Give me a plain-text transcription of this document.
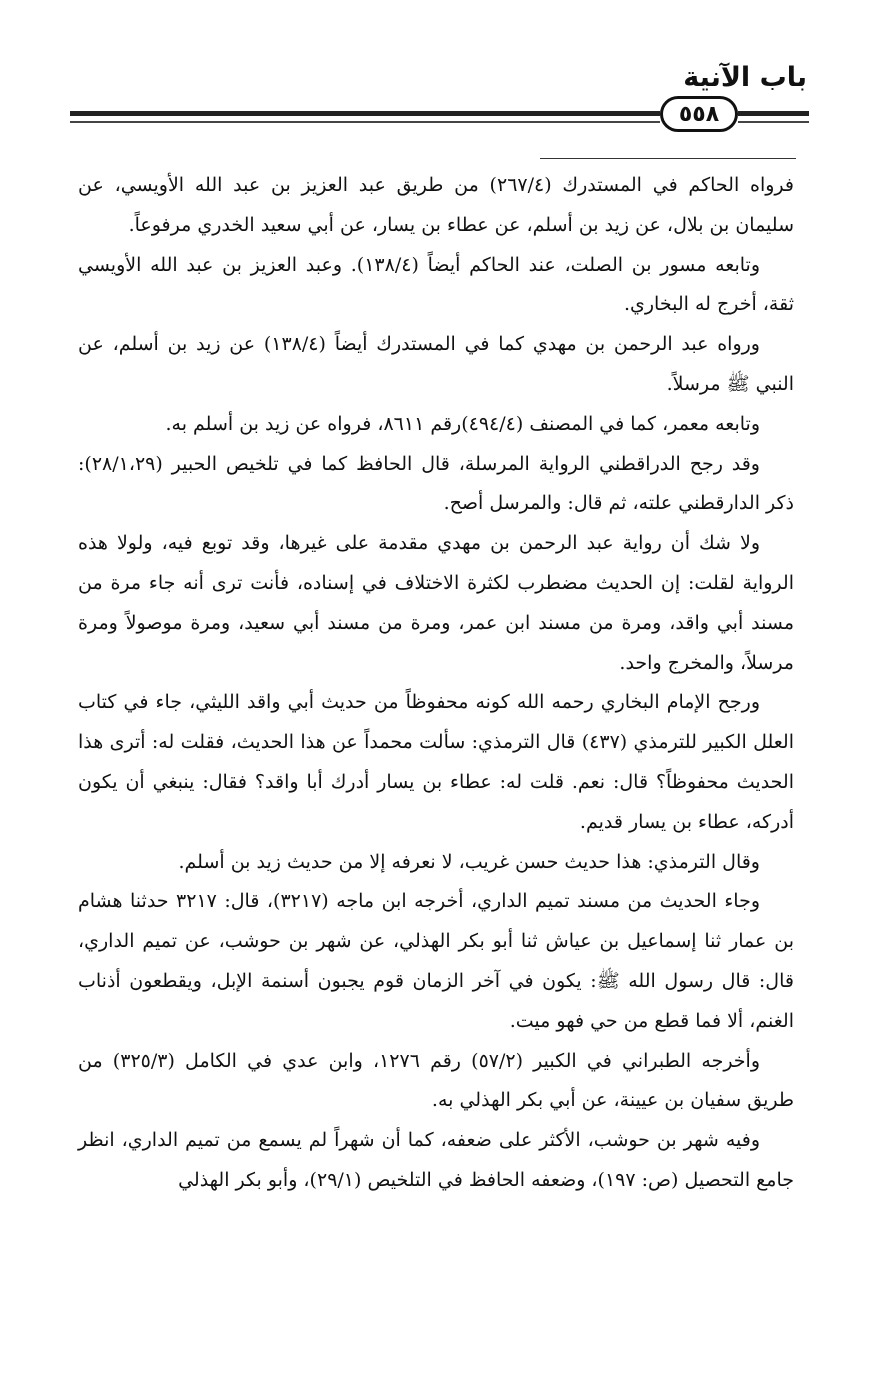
باب الآنية
٥٥٨

فرواه الحاكم في المستدرك (٢٦٧/٤) من طريق عبد العزيز بن عبد الله الأويسي، عن سليمان بن بلال، عن زيد بن أسلم، عن عطاء بن يسار، عن أبي سعيد الخدري مرفوعاً.

وتابعه مسور بن الصلت، عند الحاكم أيضاً (١٣٨/٤). وعبد العزيز بن عبد الله الأويسي ثقة، أخرج له البخاري.

ورواه عبد الرحمن بن مهدي كما في المستدرك أيضاً (١٣٨/٤) عن زيد بن أسلم، عن النبي ﷺ مرسلاً.

وتابعه معمر، كما في المصنف (٤٩٤/٤)رقم ٨٦١١، فرواه عن زيد بن أسلم به.

وقد رجح الدراقطني الرواية المرسلة، قال الحافظ كما في تلخيص الحبير (٢٨/١،٢٩): ذكر الدارقطني علته، ثم قال: والمرسل أصح.

ولا شك أن رواية عبد الرحمن بن مهدي مقدمة على غيرها، وقد توبع فيه، ولولا هذه الرواية لقلت: إن الحديث مضطرب لكثرة الاختلاف في إسناده، فأنت ترى أنه جاء مرة من مسند أبي واقد، ومرة من مسند ابن عمر، ومرة من مسند أبي سعيد، ومرة موصولاً ومرة مرسلاً، والمخرج واحد.

ورجح الإمام البخاري رحمه الله كونه محفوظاً من حديث أبي واقد الليثي، جاء في كتاب العلل الكبير للترمذي (٤٣٧) قال الترمذي: سألت محمداً عن هذا الحديث، فقلت له: أترى هذا الحديث محفوظاً؟ قال: نعم. قلت له: عطاء بن يسار أدرك أبا واقد؟ فقال: ينبغي أن يكون أدركه، عطاء بن يسار قديم.

وقال الترمذي: هذا حديث حسن غريب، لا نعرفه إلا من حديث زيد بن أسلم.

وجاء الحديث من مسند تميم الداري، أخرجه ابن ماجه (٣٢١٧)، قال: ٣٢١٧ حدثنا هشام بن عمار ثنا إسماعيل بن عياش ثنا أبو بكر الهذلي، عن شهر بن حوشب، عن تميم الداري، قال: قال رسول الله ﷺ: يكون في آخر الزمان قوم يجبون أسنمة الإبل، ويقطعون أذناب الغنم، ألا فما قطع من حي فهو ميت.

وأخرجه الطبراني في الكبير (٥٧/٢) رقم ١٢٧٦، وابن عدي في الكامل (٣٢٥/٣) من طريق سفيان بن عيينة، عن أبي بكر الهذلي به.

وفيه شهر بن حوشب، الأكثر على ضعفه، كما أن شهراً لم يسمع من تميم الداري، انظر جامع التحصيل (ص: ١٩٧)، وضعفه الحافظ في التلخيص (٢٩/١)، وأبو بكر الهذلي
